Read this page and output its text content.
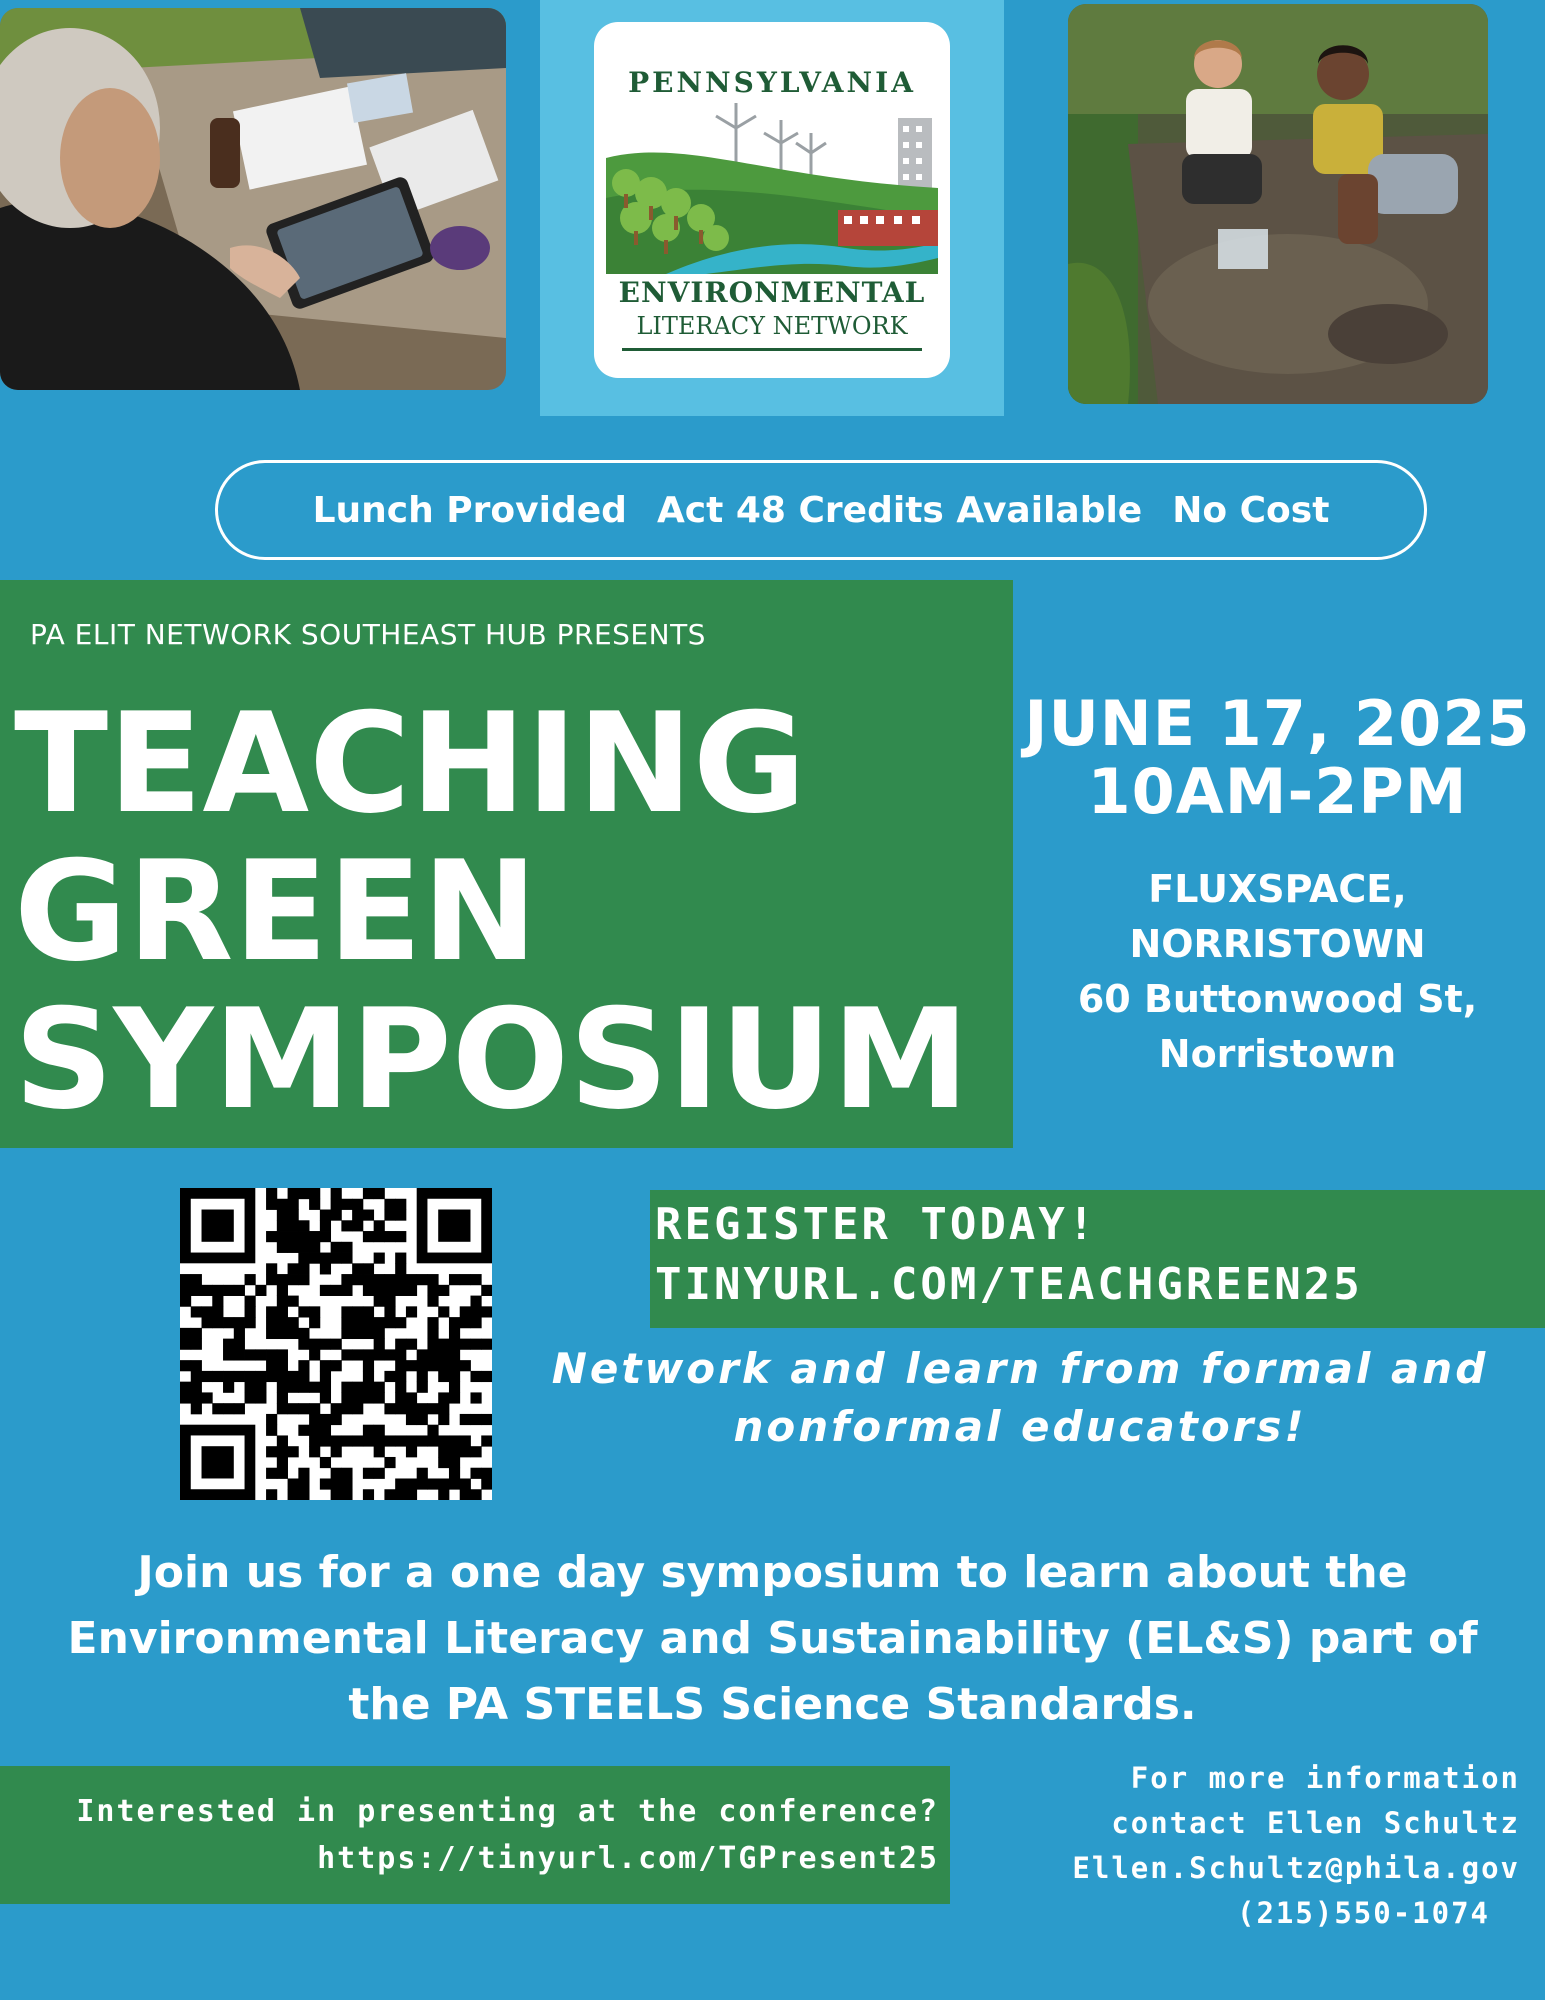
PENNSYLVANIA
ENVIRONMENTAL
LITERACY NETWORK
Lunch Provided Act 48 Credits Available No Cost
PA ELIT NETWORK SOUTHEAST HUB PRESENTS
TEACHING
GREEN
SYMPOSIUM
JUNE 17, 2025
10AM-2PM
FLUXSPACE,
NORRISTOWN
60 Buttonwood St,
Norristown
REGISTER TODAY!
TINYURL.COM/TEACHGREEN25
Network and learn from formal and
nonformal educators!
Join us for a one day symposium to learn about the
Environmental Literacy and Sustainability (EL&S) part of
the PA STEELS Science Standards.
Interested in presenting at the conference?
https://tinyurl.com/TGPresent25
For more information
contact Ellen Schultz
Ellen.Schultz@phila.gov
(215)550-1074
